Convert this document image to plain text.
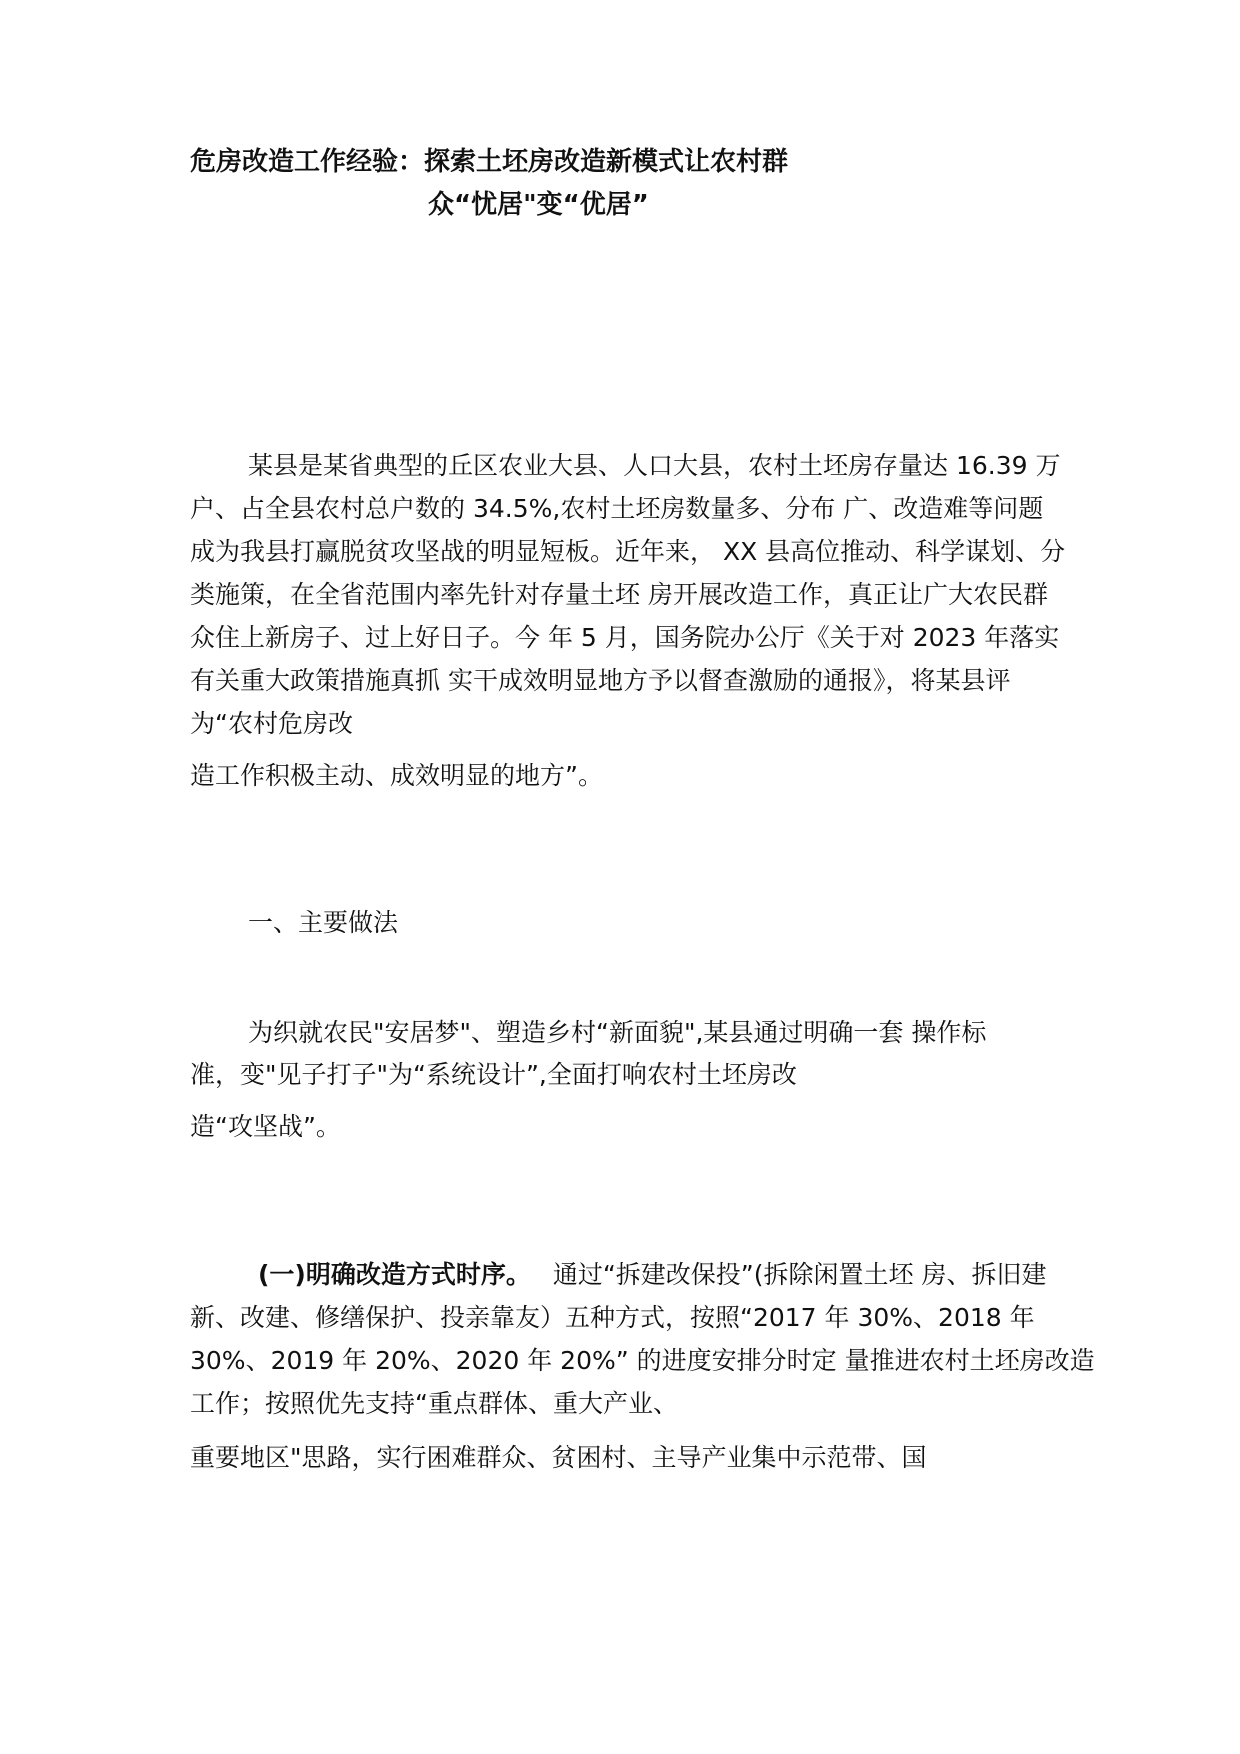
危房改造工作经验：探索土坯房改造新模式让农村群
众“忧居"变“优居”
某县是某省典型的丘区农业大县、人口大县，农村土坯房存量达 16.39 万
户、占全县农村总户数的 34.5%,农村土坯房数量多、分布 广、改造难等问题
成为我县打赢脱贫攻坚战的明显短板。近年来， XX 县高位推动、科学谋划、分
类施策，在全省范围内率先针对存量土坯 房开展改造工作，真正让广大农民群
众住上新房子、过上好日子。今 年 5 月，国务院办公厅《关于对 2023 年落实
有关重大政策措施真抓 实干成效明显地方予以督查激励的通报》，将某县评
为“农村危房改
造工作积极主动、成效明显的地方”。
一、主要做法
为织就农民"安居梦"、塑造乡村“新面貌",某县通过明确一套 操作标
准，变"见子打子"为“系统设计”,全面打响农村土坯房改
造“攻坚战”。
(一)明确改造方式时序。 通过“拆建改保投”(拆除闲置土坯 房、拆旧建
新、改建、修缮保护、投亲靠友）五种方式，按照“2017 年 30%、2018 年
30%、2019 年 20%、2020 年 20%” 的进度安排分时定 量推进农村土坯房改造
工作；按照优先支持“重点群体、重大产业、
重要地区"思路，实行困难群众、贫困村、主导产业集中示范带、国
